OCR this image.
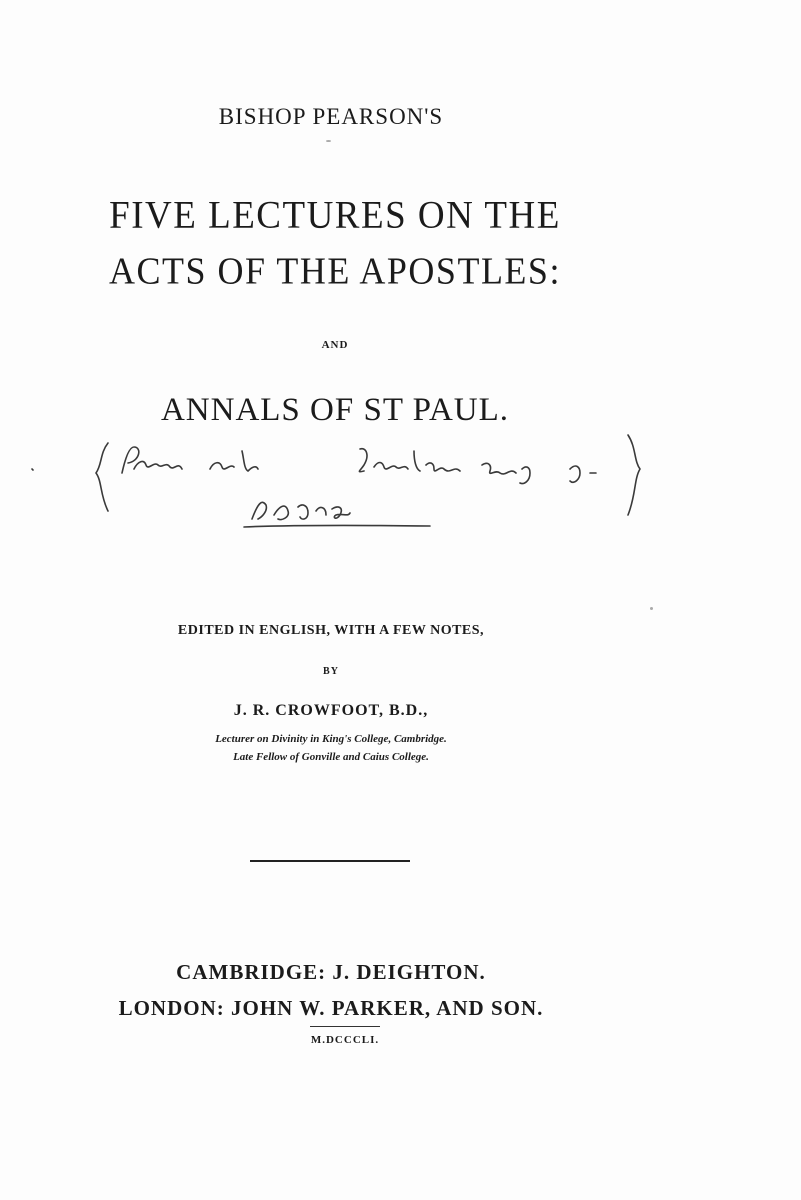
BISHOP PEARSON'S
FIVE LECTURES ON THE
ACTS OF THE APOSTLES:
AND
ANNALS OF ST PAUL.
EDITED IN ENGLISH, WITH A FEW NOTES,
BY
J. R. CROWFOOT, B.D.,
Lecturer on Divinity in King's College, Cambridge.
Late Fellow of Gonville and Caius College.
CAMBRIDGE: J. DEIGHTON.
LONDON: JOHN W. PARKER, AND SON.
M.DCCCLI.
